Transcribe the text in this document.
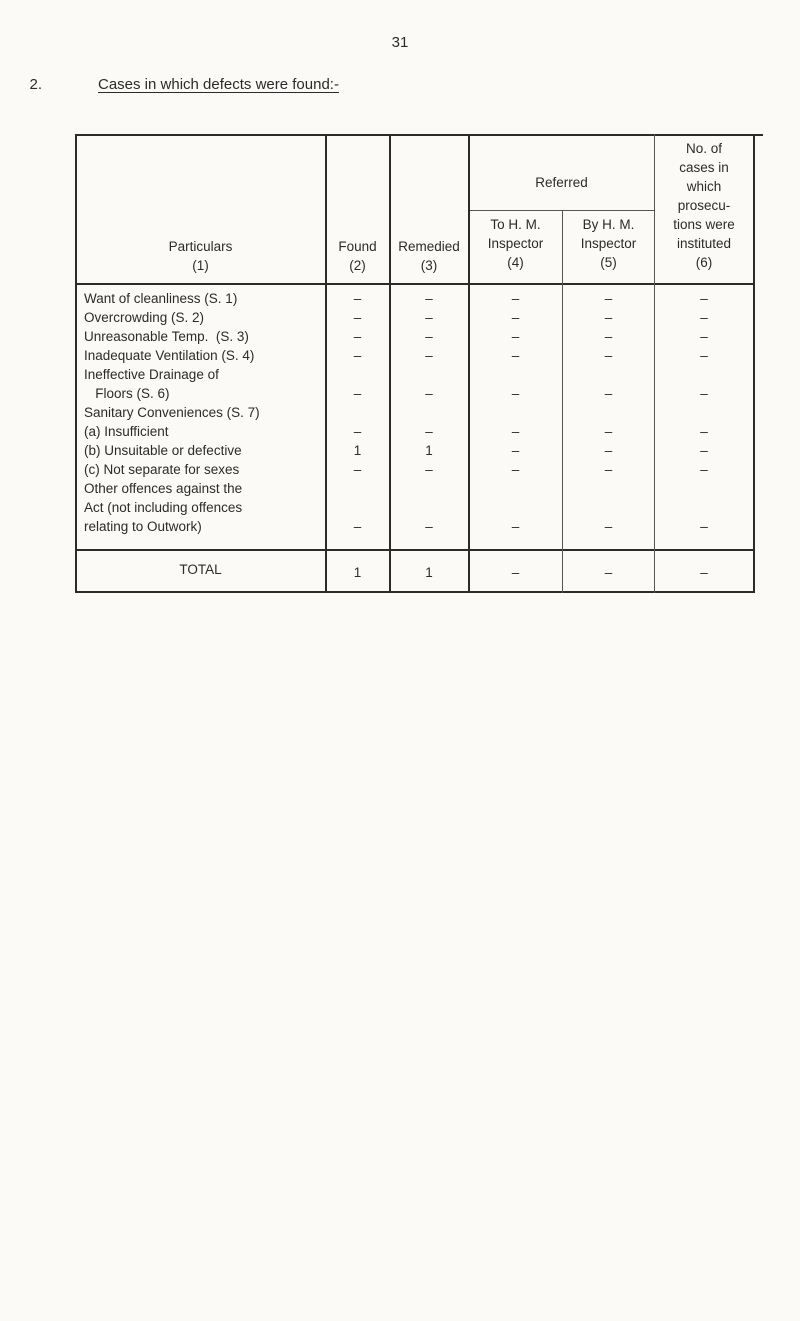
31
2.	Cases in which defects were found:-
Particulars
(1)
Found
(2)
Remedied
(3)
Referred
To H. M.
Inspector
(4)
By H. M.
Inspector
(5)
No. of
cases in
which
prosecu-
tions were
instituted
(6)
Want of cleanliness (S. 1)	–	–	–	–	–
Overcrowding (S. 2)	–	–	–	–	–
Unreasonable Temp.  (S. 3)	–	–	–	–	–
Inadequate Ventilation (S. 4)	–	–	–	–	–
Ineffective Drainage of
Floors (S. 6)	–	–	–	–	–
Sanitary Conveniences (S. 7)
(a) Insufficient	–	–	–	–	–
(b) Unsuitable or defective	1	1	–	–	–
(c) Not separate for sexes	–	–	–	–	–
Other offences against the
Act (not including offences
relating to Outwork)	–	–	–	–	–
TOTAL	1	1	–	–	–
